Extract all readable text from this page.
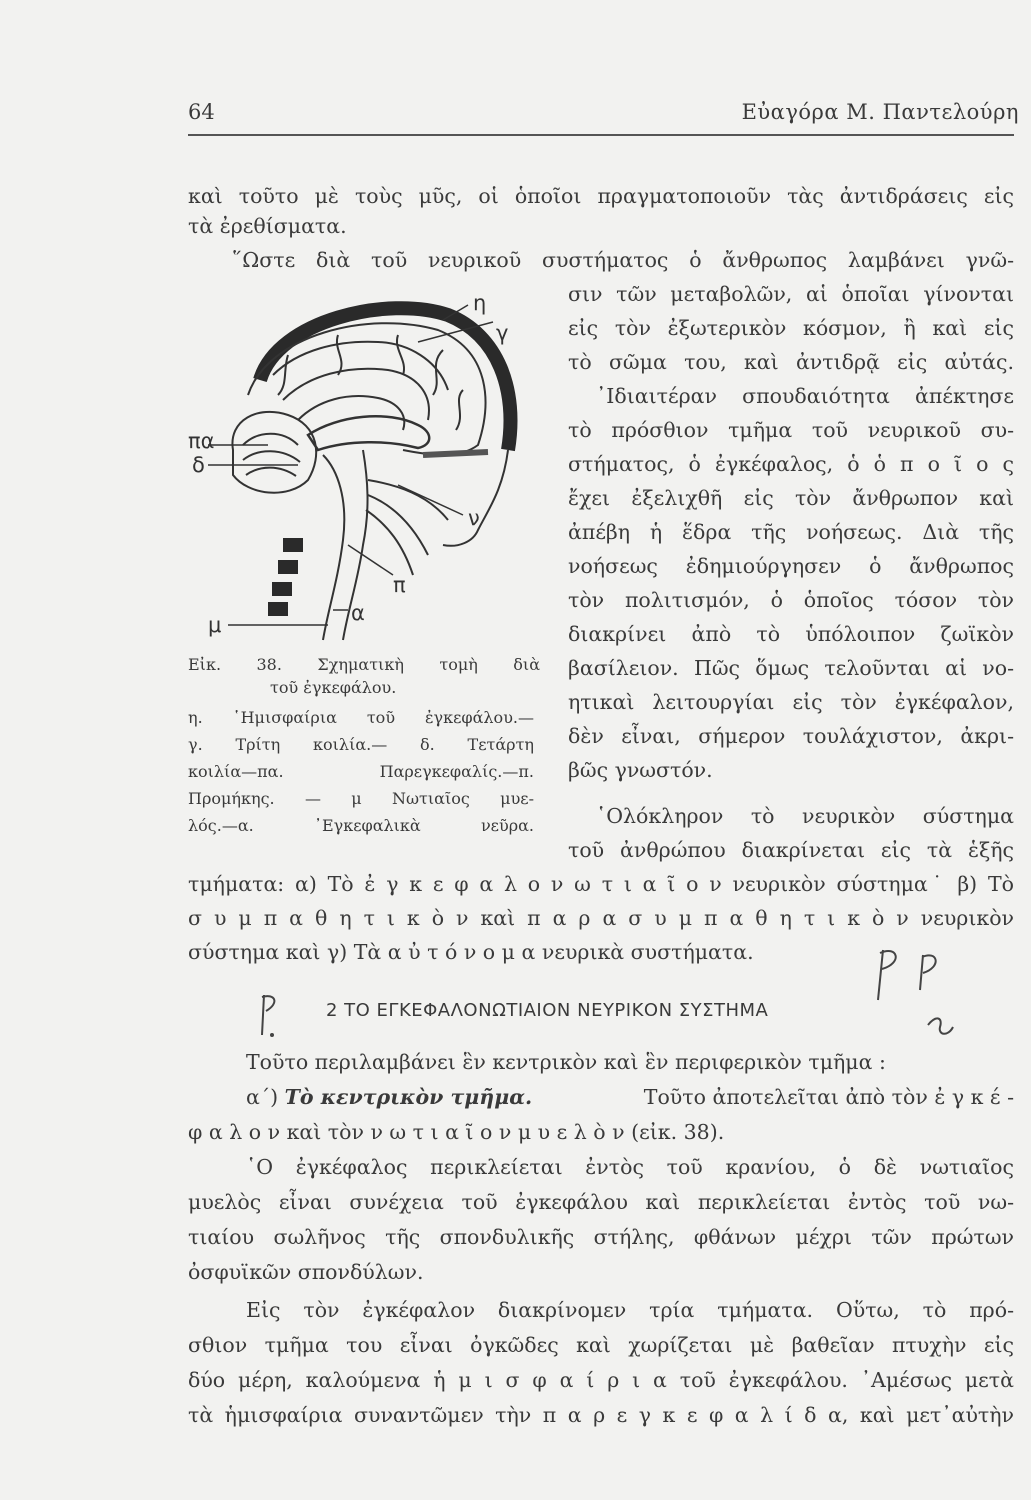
64	Εὐαγόρα Μ. Παντελούρη
καὶ τοῦτο μὲ τοὺς μῦς, οἱ ὁποῖοι πραγματοποιοῦν τὰς ἀντιδράσεις εἰς
τὰ ἐρεθίσματα.
῞Ωστε διὰ τοῦ νευρικοῦ συστήματος ὁ ἄνθρωπος λαμβάνει γνῶ-
σιν τῶν μεταβολῶν, αἱ ὁποῖαι γίνονται
εἰς τὸν ἐξωτερικὸν κόσμον, ἢ καὶ εἰς
τὸ σῶμα του, καὶ ἀντιδρᾷ εἰς αὐτάς.
᾿Ιδιαιτέραν σπουδαιότητα ἀπέκτησε
τὸ πρόσθιον τμῆμα τοῦ νευρικοῦ συ-
στήματος, ὁ ἐγκέφαλος, ὁ ὁ π ο ῖ ο ς
ἔχει ἐξελιχθῆ εἰς τὸν ἄνθρωπον καὶ
ἀπέβη ἡ ἕδρα τῆς νοήσεως. Διὰ τῆς
νοήσεως ἐδημιούργησεν ὁ ἄνθρωπος
τὸν πολιτισμόν, ὁ ὁποῖος τόσον τὸν
διακρίνει ἀπὸ τὸ ὑπόλοιπον ζωϊκὸν
βασίλειον. Πῶς ὅμως τελοῦνται αἱ νο-
ητικαὶ λειτουργίαι εἰς τὸν ἐγκέφαλον,
δὲν εἶναι, σήμερον τουλάχιστον, ἀκρι-
βῶς γνωστόν.
῾Ολόκληρον τὸ νευρικὸν σύστημα
τοῦ ἀνθρώπου διακρίνεται εἰς τὰ ἑξῆς
τμήματα: α) Τὸ ἐ γ κ ε φ α λ ο ν ω τ ι α ῖ ο ν νευρικὸν σύστημα˙ β) Τὸ
σ υ μ π α θ η τ ι κ ὸ ν καὶ π α ρ α σ υ μ π α θ η τ ι κ ὸ ν νευρικὸν
σύστημα καὶ γ) Τὰ α ὐ τ ό ν ο μ α νευρικὰ συστήματα.
η
γ
πα
δ
ν
π
μ	α
Εἰκ. 38. Σχηματικὴ τομὴ διὰ
τοῦ ἐγκεφάλου.
η. ῾Ημισφαίρια τοῦ ἐγκεφάλου.—
γ. Τρίτη κοιλία.— δ. Τετάρτη
κοιλία—πα. Παρεγκεφαλίς.—π.
Προμήκης. — μ Νωτιαῖος μυε-
λός.—α. ᾿Εγκεφαλικὰ νεῦρα.
2 ΤΟ ΕΓΚΕΦΑΛΟΝΩΤΙΑΙΟΝ ΝΕΥΡΙΚΟΝ ΣΥΣΤΗΜΑ
Τοῦτο περιλαμβάνει ἓν κεντρικὸν καὶ ἓν περιφερικὸν τμῆμα :
α΄) Τὸ κεντρικὸν τμῆμα.	Τοῦτο ἀποτελεῖται ἀπὸ τὸν ἐ γ κ έ -
φ α λ ο ν καὶ τὸν ν ω τ ι α ῖ ο ν μ υ ε λ ὸ ν (εἰκ. 38).
῾Ο ἐγκέφαλος περικλείεται ἐντὸς τοῦ κρανίου, ὁ δὲ νωτιαῖος
μυελὸς εἶναι συνέχεια τοῦ ἐγκεφάλου καὶ περικλείεται ἐντὸς τοῦ νω-
τιαίου σωλῆνος τῆς σπονδυλικῆς στήλης, φθάνων μέχρι τῶν πρώτων
ὀσφυϊκῶν σπονδύλων.
Εἰς τὸν ἐγκέφαλον διακρίνομεν τρία τμήματα. Οὕτω, τὸ πρό-
σθιον τμῆμα του εἶναι ὀγκῶδες καὶ χωρίζεται μὲ βαθεῖαν πτυχὴν εἰς
δύο μέρη, καλούμενα ἡ μ ι σ φ α ί ρ ι α τοῦ ἐγκεφάλου. ᾿Αμέσως μετὰ
τὰ ἡμισφαίρια συναντῶμεν τὴν π α ρ ε γ κ ε φ α λ ί δ α, καὶ μετ᾿αὐτὴν
